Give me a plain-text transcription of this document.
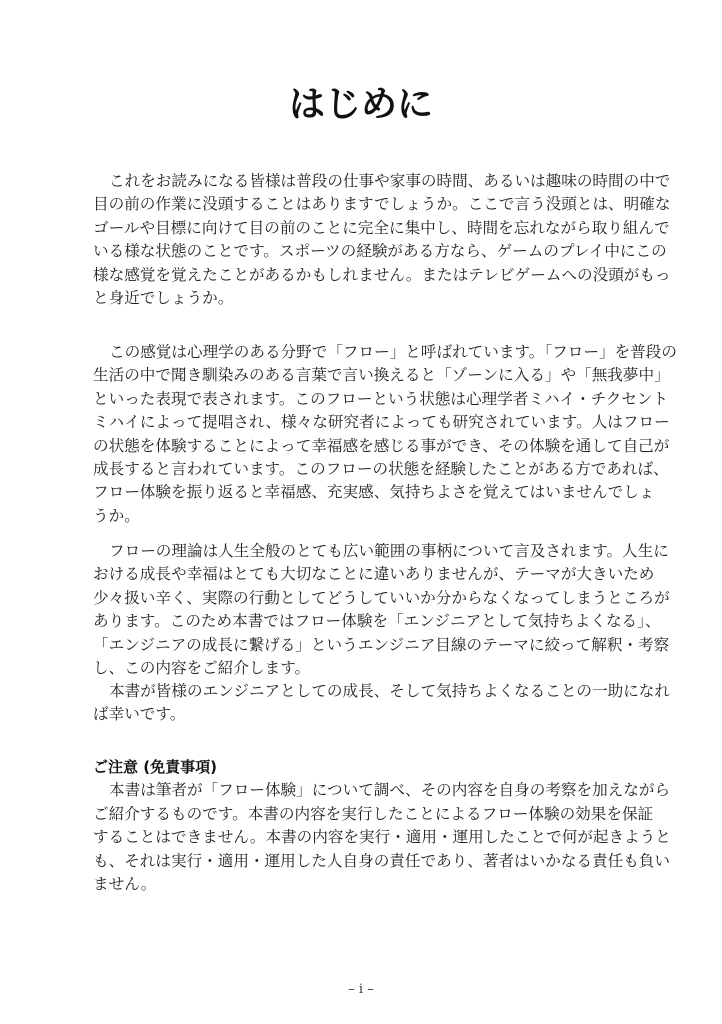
はじめに
これをお読みになる皆様は普段の仕事や家事の時間、あるいは趣味の時間の中で
目の前の作業に没頭することはありますでしょうか。ここで言う没頭とは、明確な
ゴールや目標に向けて目の前のことに完全に集中し、時間を忘れながら取り組んで
いる様な状態のことです。スポーツの経験がある方なら、ゲームのプレイ中にこの
様な感覚を覚えたことがあるかもしれません。またはテレビゲームへの没頭がもっ
と身近でしょうか。
この感覚は心理学のある分野で「フロー」と呼ばれています。「フロー」を普段の
生活の中で聞き馴染みのある言葉で言い換えると「ゾーンに入る」や「無我夢中」
といった表現で表されます。このフローという状態は心理学者ミハイ・チクセント
ミハイによって提唱され、様々な研究者によっても研究されています。人はフロー
の状態を体験することによって幸福感を感じる事ができ、その体験を通して自己が
成長すると言われています。このフローの状態を経験したことがある方であれば、
フロー体験を振り返ると幸福感、充実感、気持ちよさを覚えてはいませんでしょ
うか。
フローの理論は人生全般のとても広い範囲の事柄について言及されます。人生に
おける成長や幸福はとても大切なことに違いありませんが、テーマが大きいため
少々扱い辛く、実際の行動としてどうしていいか分からなくなってしまうところが
あります。このため本書ではフロー体験を「エンジニアとして気持ちよくなる」、
「エンジニアの成長に繋げる」というエンジニア目線のテーマに絞って解釈・考察
し、この内容をご紹介します。
本書が皆様のエンジニアとしての成長、そして気持ちよくなることの一助になれ
ば幸いです。
ご注意 (免責事項)
本書は筆者が「フロー体験」について調べ、その内容を自身の考察を加えながら
ご紹介するものです。本書の内容を実行したことによるフロー体験の効果を保証
することはできません。本書の内容を実行・適用・運用したことで何が起きようと
も、それは実行・適用・運用した人自身の責任であり、著者はいかなる責任も負い
ません。
– i –
